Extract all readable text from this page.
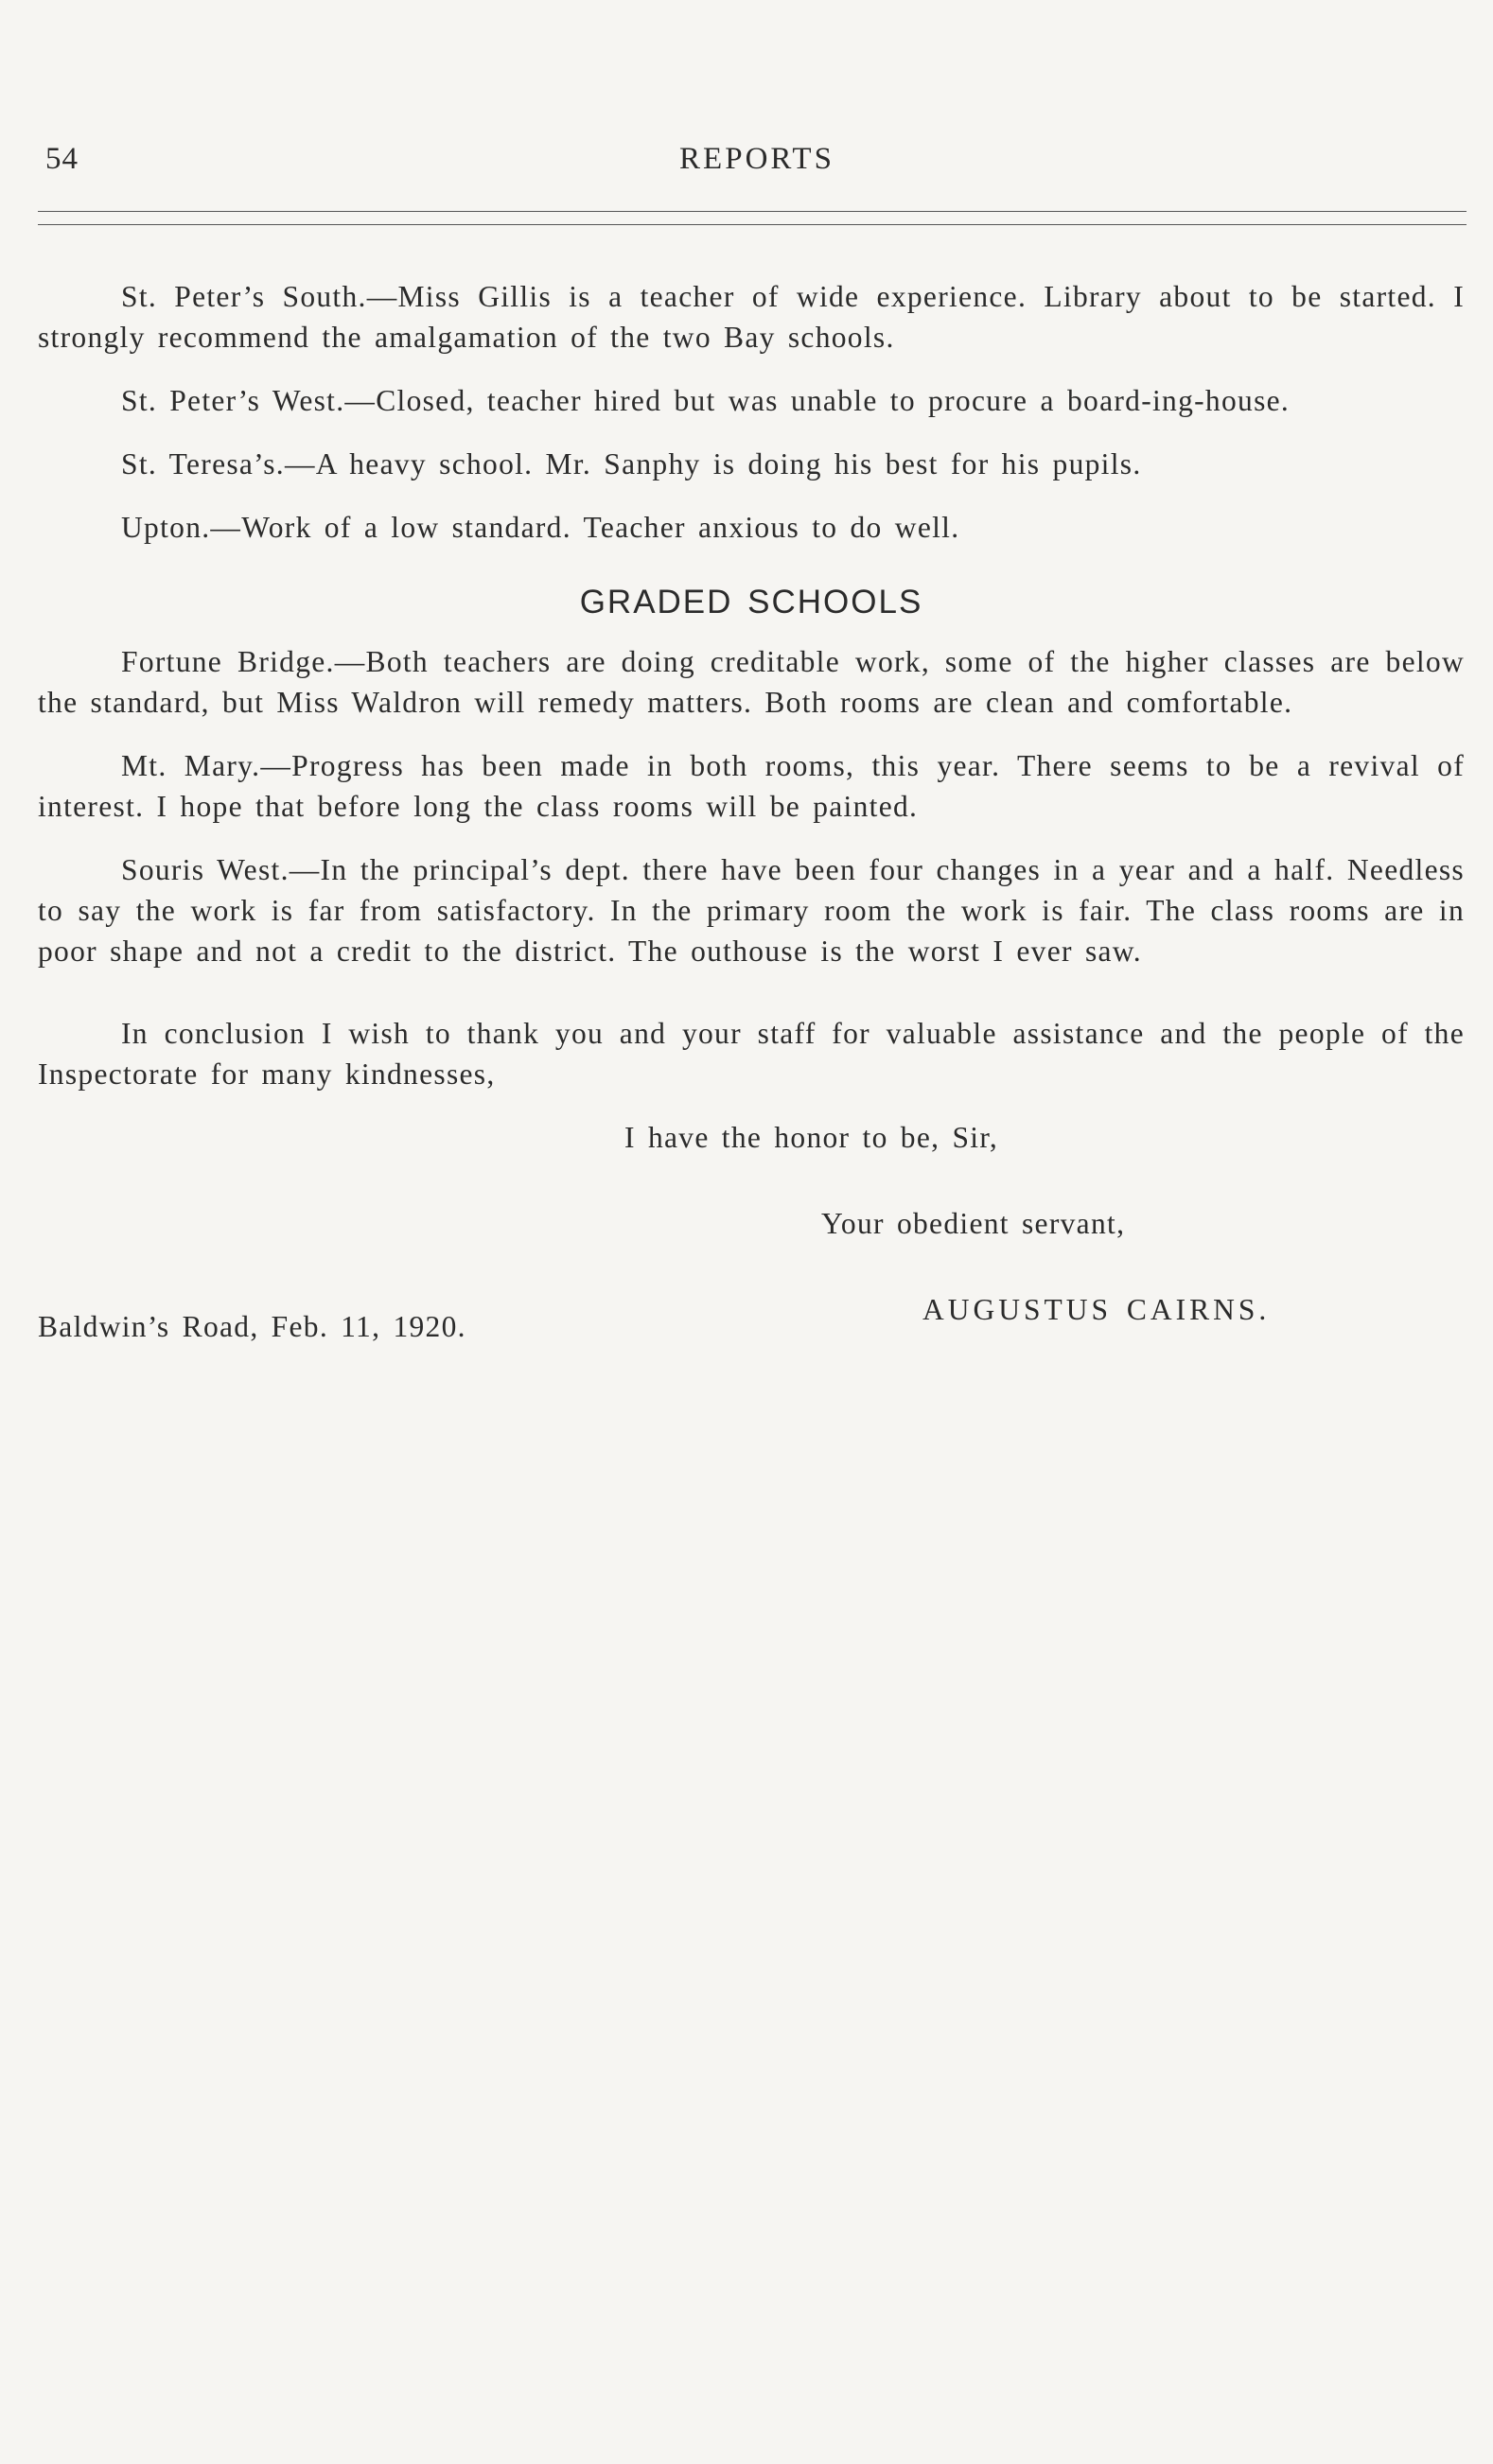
54	REPORTS

St. Peter’s South.—Miss Gillis is a teacher of wide experience. Library about to be started. I strongly recommend the amalgamation of the two Bay schools.

St. Peter’s West.—Closed, teacher hired but was unable to procure a board-ing-house.

St. Teresa’s.—A heavy school. Mr. Sanphy is doing his best for his pupils.

Upton.—Work of a low standard. Teacher anxious to do well.

GRADED SCHOOLS

Fortune Bridge.—Both teachers are doing creditable work, some of the higher classes are below the standard, but Miss Waldron will remedy matters. Both rooms are clean and comfortable.

Mt. Mary.—Progress has been made in both rooms, this year. There seems to be a revival of interest. I hope that before long the class rooms will be painted.

Souris West.—In the principal’s dept. there have been four changes in a year and a half. Needless to say the work is far from satisfactory. In the primary room the work is fair. The class rooms are in poor shape and not a credit to the district. The outhouse is the worst I ever saw.

In conclusion I wish to thank you and your staff for valuable assistance and the people of the Inspectorate for many kindnesses,

I have the honor to be, Sir,
Your obedient servant,
AUGUSTUS CAIRNS.
Baldwin’s Road, Feb. 11, 1920.
